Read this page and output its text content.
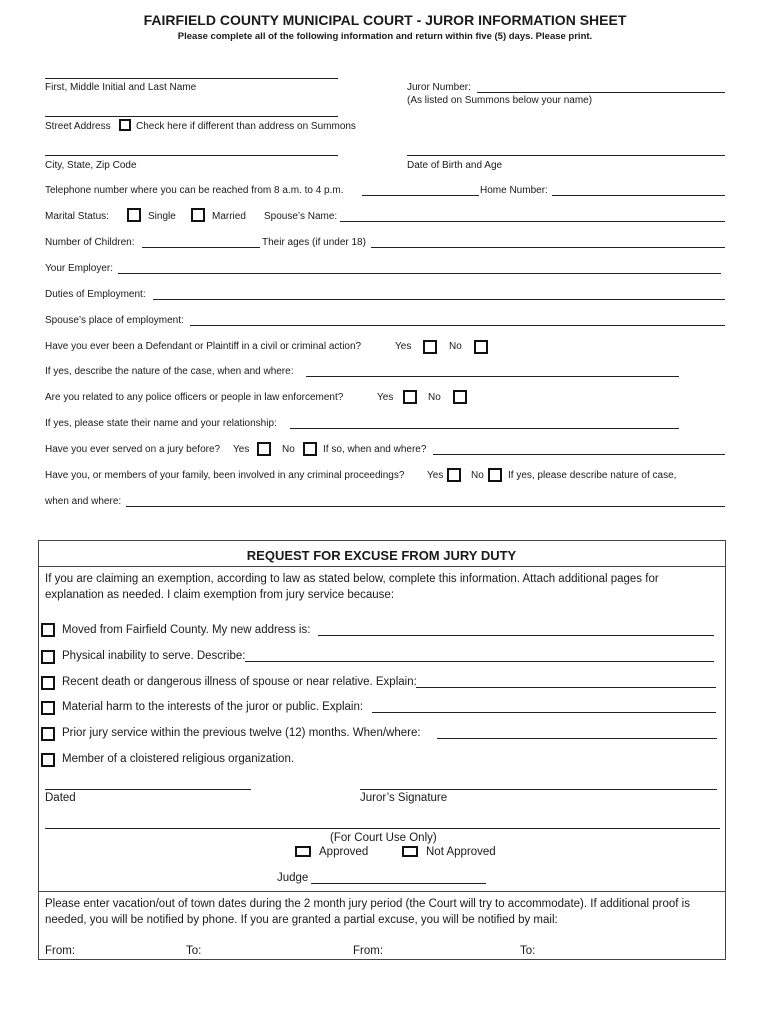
FAIRFIELD COUNTY MUNICIPAL COURT - JUROR INFORMATION SHEET
Please complete all of the following information and return within five (5) days. Please print.
First, Middle Initial and Last Name	Juror Number:
(As listed on Summons below your name)
Street Address	Check here if different than address on Summons
City, State, Zip Code	Date of Birth and Age
Telephone number where you can be reached from 8 a.m. to 4 p.m.	Home Number:
Marital Status:	Single	Married Spouse’s Name:
Number of Children:	Their ages (if under 18)
Your Employer:
Duties of Employment:
Spouse’s place of employment:
Have you ever been a Defendant or Plaintiff in a civil or criminal action?	Yes	No
If yes, describe the nature of the case, when and where:
Are you related to any police officers or people in law enforcement?	Yes	No
If yes, please state their name and your relationship:
Have you ever served on a jury before? Yes	No	If so, when and where?
Have you, or members of your family, been involved in any criminal proceedings? Yes	No If yes, please describe nature of case,
when and where:
REQUEST FOR EXCUSE FROM JURY DUTY
If you are claiming an exemption, according to law as stated below, complete this information. Attach additional pages for
explanation as needed. I claim exemption from jury service because:
Moved from Fairfield County. My new address is:
Physical inability to serve. Describe:
Recent death or dangerous illness of spouse or near relative. Explain:
Material harm to the interests of the juror or public. Explain:
Prior jury service within the previous twelve (12) months. When/where:
Member of a cloistered religious organization.
Dated	Juror’s Signature
(For Court Use Only)
Approved	Not Approved
Judge
Please enter vacation/out of town dates during the 2 month jury period (the Court will try to accommodate). If additional proof is
needed, you will be notified by phone. If you are granted a partial excuse, you will be notified by mail:
From:	To:	From:	To:
